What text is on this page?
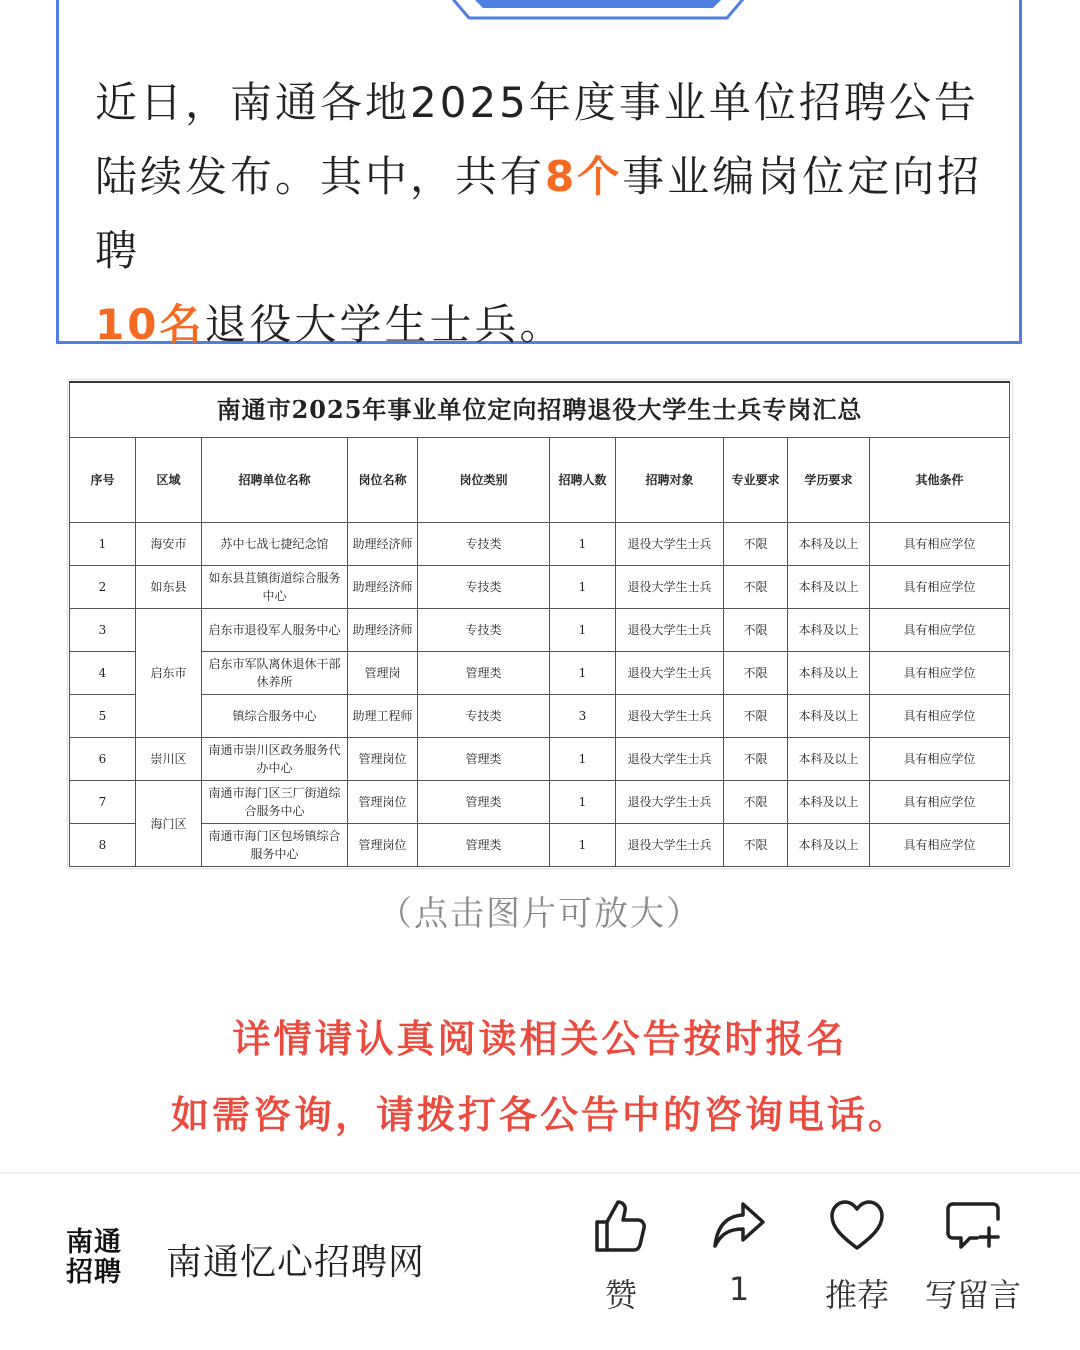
近日，南通各地2025年度事业单位招聘公告陆续发布。其中，共有8个事业编岗位定向招聘
10名退役大学生士兵。
南通市2025年事业单位定向招聘退役大学生士兵专岗汇总									
序号	区域	招聘单位名称	岗位名称	岗位类别	招聘人数	招聘对象	专业要求	学历要求	其他条件
1	海安市	苏中七战七捷纪念馆	助理经济师	专技类	1	退役大学生士兵	不限	本科及以上	具有相应学位
2	如东县	如东县苴镇街道综合服务中心	助理经济师	专技类	1	退役大学生士兵	不限	本科及以上	具有相应学位
3	启东市	启东市退役军人服务中心	助理经济师	专技类	1	退役大学生士兵	不限	本科及以上	具有相应学位
4		启东市军队离休退休干部休养所	管理岗	管理类	1	退役大学生士兵	不限	本科及以上	具有相应学位
5		镇综合服务中心	助理工程师	专技类	3	退役大学生士兵	不限	本科及以上	具有相应学位
6	崇川区	南通市崇川区政务服务代办中心	管理岗位	管理类	1	退役大学生士兵	不限	本科及以上	具有相应学位
7	海门区	南通市海门区三厂街道综合服务中心	管理岗位	管理类	1	退役大学生士兵	不限	本科及以上	具有相应学位
8		南通市海门区包场镇综合服务中心	管理岗位	管理类	1	退役大学生士兵	不限	本科及以上	具有相应学位
（点击图片可放大）
详情请认真阅读相关公告按时报名
如需咨询，请拨打各公告中的咨询电话。
南通
招聘 南通忆心招聘网
赞	1	推荐	写留言
